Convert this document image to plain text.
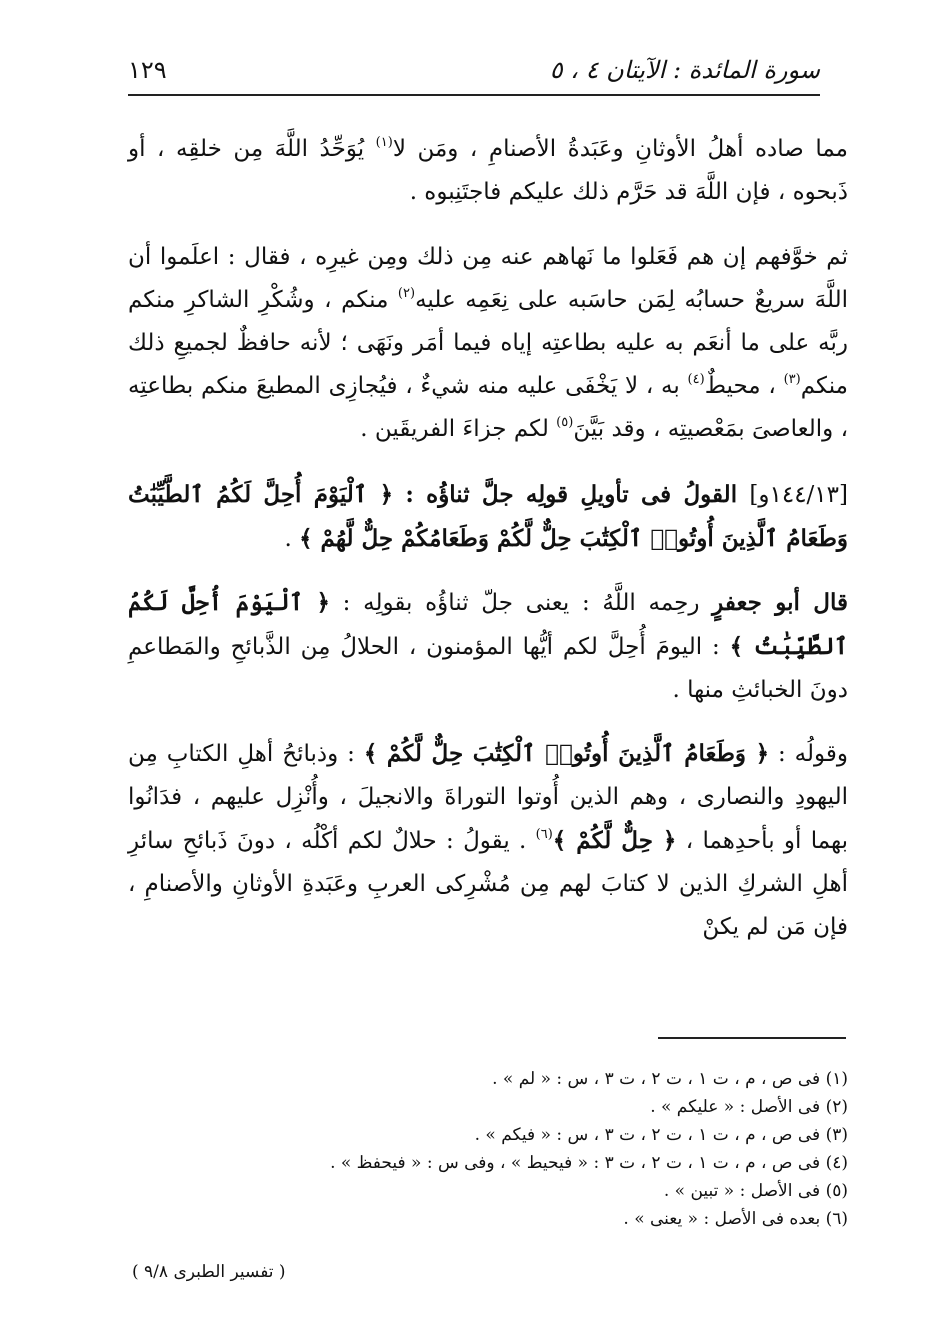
سورة المائدة : الآيتان ٤ ، ٥
١٢٩

مما صاده أهلُ الأوثانِ وعَبَدةُ الأصنامِ ، ومَن لا$^{(١)}$ يُوَحِّدُ اللَّهَ مِن خلقِه ، أو ذَبحوه ، فإن اللَّهَ قد حَرَّم ذلك عليكم فاجتَنِبوه .

ثم خوَّفهم إن هم فَعَلوا ما نَهاهم عنه مِن ذلك ومِن غيرِه ، فقال : اعلَموا أن اللَّهَ سريعٌ حسابُه لِمَن حاسَبه على نِعَمِه عليه$^{(٢)}$ منكم ، وشُكْرِ الشاكرِ منكم ربَّه على ما أنعَم به عليه بطاعتِه إياه فيما أمَر ونَهَى ؛ لأنه حافظٌ لجميعِ ذلك منكم$^{(٣)}$ ، محيطٌ$^{(٤)}$ به ، لا يَخْفَى عليه منه شيءٌ ، فيُجازِى المطيعَ منكم بطاعتِه ، والعاصىَ بمَعْصيتِه ، وقد بَيَّنَ$^{(٥)}$ لكم جزاءَ الفريقَين .

[١٤٤/١٣و] القولُ فى تأويلِ قولِه جلَّ ثناؤُه : ﴿ ٱلْيَوْمَ أُحِلَّ لَكُمُ ٱلطَّيِّبَٰتُ وَطَعَامُ ٱلَّذِينَ أُوتُوا۟ ٱلْكِتَٰبَ حِلٌّ لَّكُمْ وَطَعَامُكُمْ حِلٌّ لَّهُمْ ﴾ .

قال أبو جعفرٍ رحِمه اللَّهُ : يعنى جلّ ثناؤُه بقولِه : ﴿ ٱلْيَوْمَ أُحِلَّ لَكُمُ ٱلطَّيِّبَٰتُ ﴾ : اليومَ أُحِلَّ لكم أيُّها المؤمنون ، الحلالُ مِن الذَّبائحِ والمَطاعمِ دونَ الخبائثِ منها .

وقولُه : ﴿ وَطَعَامُ ٱلَّذِينَ أُوتُوا۟ ٱلْكِتَٰبَ حِلٌّ لَّكُمْ ﴾ : وذبائحُ أهلِ الكتابِ مِن اليهودِ والنصارى ، وهم الذين أُوتوا التوراةَ والانجيلَ ، وأُنْزِل عليهم ، فدَانُوا بهما أو بأحدِهما ، ﴿ حِلٌّ لَّكُمْ ﴾$^{(٦)}$ . يقولُ : حلالٌ لكم أكْلُه ، دونَ ذَبائحِ سائرِ أهلِ الشركِ الذين لا كتابَ لهم مِن مُشْرِكى العربِ وعَبَدةِ الأوثانِ والأصنامِ ، فإن مَن لم يكنْ

(١) فى ص ، م ، ت ١ ، ت ٢ ، ت ٣ ، س : « لم » .

(٢) فى الأصل : « عليكم » .

(٣) فى ص ، م ، ت ١ ، ت ٢ ، ت ٣ ، س : « فيكم » .

(٤) فى ص ، م ، ت ١ ، ت ٢ ، ت ٣ : « فيحيط » ، وفى س : « فيحفظ » .

(٥) فى الأصل : « تبين » .

(٦) بعده فى الأصل : « يعنى » .

( تفسير الطبرى ٩/٨ )
